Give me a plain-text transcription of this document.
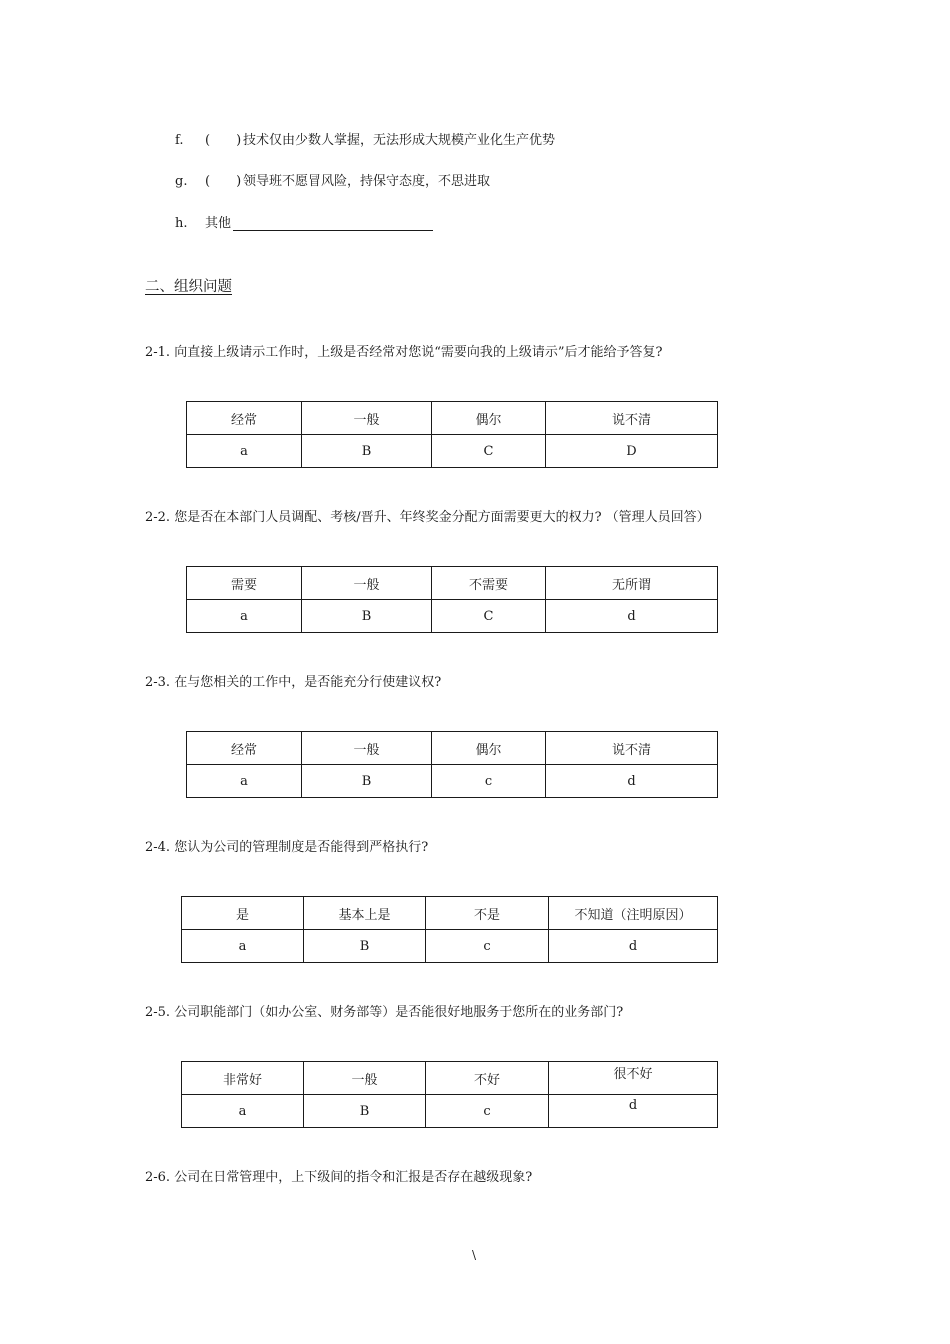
f. (　　) 技术仅由少数人掌握，无法形成大规模产业化生产优势
g. (　　) 领导班不愿冒风险，持保守态度，不思进取
h. 其他
二、组织问题
2-1. 向直接上级请示工作时，上级是否经常对您说“需要向我的上级请示”后才能给予答复?
经常	一般	偶尔	说不清
a	B	C	D
2-2. 您是否在本部门人员调配、考核/晋升、年终奖金分配方面需要更大的权力? （管理人员回答）
需要	一般	不需要	无所谓
a	B	C	d
2-3. 在与您相关的工作中，是否能充分行使建议权?
经常	一般	偶尔	说不清
a	B	c	d
2-4. 您认为公司的管理制度是否能得到严格执行?
是	基本上是	不是	不知道（注明原因）
a	B	c	d
2-5. 公司职能部门（如办公室、财务部等）是否能很好地服务于您所在的业务部门?
非常好	一般	不好	很不好
a	B	c	d
2-6. 公司在日常管理中，上下级间的指令和汇报是否存在越级现象?
\
